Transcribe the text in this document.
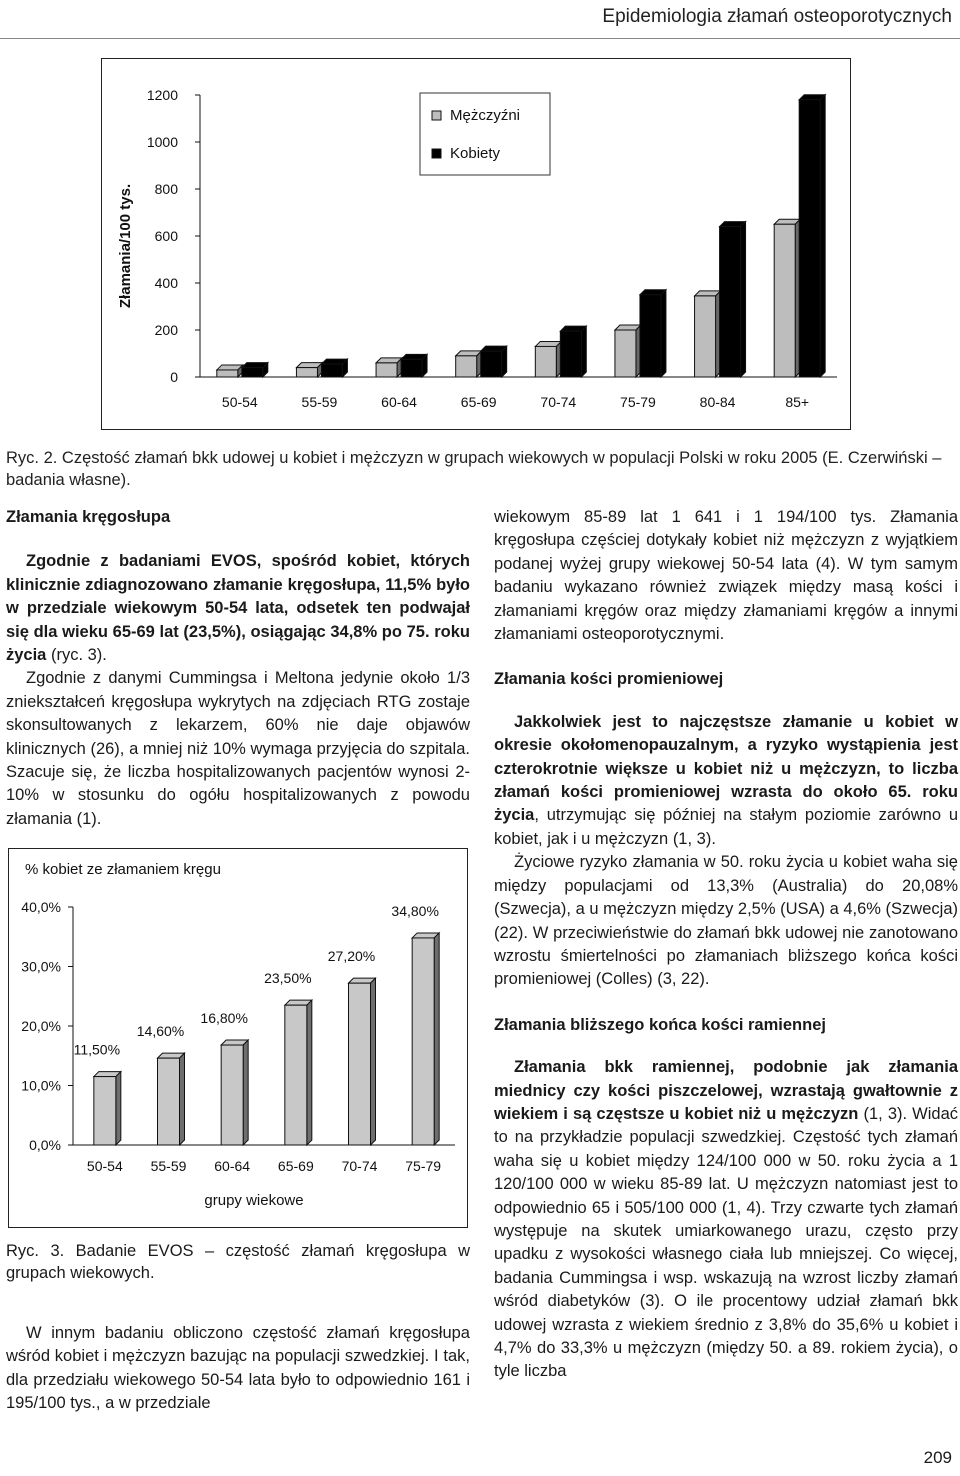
Epidemiologia złamań osteoporotycznych
0
200
400
600
800
1000
1200
Złamania/100 tys.
50-54	55-59	60-64	65-69	70-74	75-79	80-84	85+
Mężczyźni
Kobiety
Ryc. 2. Częstość złamań bkk udowej u kobiet i mężczyzn w grupach wiekowych w populacji Polski w roku 2005 (E. Czerwiński – badania własne).
Złamania kręgosłupa

Zgodnie z badaniami EVOS, spośród kobiet, których klinicznie zdiagnozowano złamanie kręgosłupa, 11,5% było w przedziale wiekowym 50-54 lata, odsetek ten podwajał się dla wieku 65-69 lat (23,5%), osiągając 34,8% po 75. roku życia (ryc. 3).

Zgodnie z danymi Cummingsa i Meltona jedynie około 1/3 zniekształceń kręgosłupa wykrytych na zdjęciach RTG zostaje skonsultowanych z lekarzem, 60% nie daje objawów klinicznych (26), a mniej niż 10% wymaga przyjęcia do szpitala. Szacuje się, że liczba hospitalizowanych pacjentów wynosi 2-10% w stosunku do ogółu hospitalizowanych z powodu złamania (1).

% kobiet ze złamaniem kręgu
0,0%
10,0%
20,0%
30,0%
40,0%
11,50%
50-54
14,60%
55-59
16,80%
60-64
23,50%
65-69
27,20%
70-74
34,80%
75-79
grupy wiekowe
Ryc. 3. Badanie EVOS – częstość złamań kręgosłupa w grupach wiekowych.

W innym badaniu obliczono częstość złamań kręgosłupa wśród kobiet i mężczyzn bazując na populacji szwedzkiej. I tak, dla przedziału wiekowego 50-54 lata było to odpowiednio 161 i 195/100 tys., a w przedziale

wiekowym 85-89 lat 1 641 i 1 194/100 tys. Złamania kręgosłupa częściej dotykały kobiet niż mężczyzn z wyjątkiem podanej wyżej grupy wiekowej 50-54 lata (4). W tym samym badaniu wykazano również związek między masą kości i złamaniami kręgów oraz między złamaniami kręgów a innymi złamaniami osteoporotycznymi.

Złamania kości promieniowej

Jakkolwiek jest to najczęstsze złamanie u kobiet w okresie okołomenopauzalnym, a ryzyko wystąpienia jest czterokrotnie większe u kobiet niż u mężczyzn, to liczba złamań kości promieniowej wzrasta do około 65. roku życia, utrzymując się później na stałym poziomie zarówno u kobiet, jak i u mężczyzn (1, 3).

Życiowe ryzyko złamania w 50. roku życia u kobiet waha się między populacjami od 13,3% (Australia) do 20,08% (Szwecja), a u mężczyzn między 2,5% (USA) a 4,6% (Szwecja) (22). W przeciwieństwie do złamań bkk udowej nie zanotowano wzrostu śmiertelności po złamaniach bliższego końca kości promieniowej (Colles) (3, 22).

Złamania bliższego końca kości ramiennej

Złamania bkk ramiennej, podobnie jak złamania miednicy czy kości piszczelowej, wzrastają gwałtownie z wiekiem i są częstsze u kobiet niż u mężczyzn (1, 3). Widać to na przykładzie populacji szwedzkiej. Częstość tych złamań waha się u kobiet między 124/100 000 w 50. roku życia a 1 120/100 000 w wieku 85-89 lat. U mężczyzn natomiast jest to odpowiednio 65 i 505/100 000 (1, 4). Trzy czwarte tych złamań występuje na skutek umiarkowanego urazu, często przy upadku z wysokości własnego ciała lub mniejszej. Co więcej, badania Cummingsa i wsp. wskazują na wzrost liczby złamań wśród diabetyków (3). O ile procentowy udział złamań bkk udowej wzrasta z wiekiem średnio z 3,8% do 35,6% u kobiet i 4,7% do 33,3% u mężczyzn (między 50. a 89. rokiem życia), o tyle liczba

209
